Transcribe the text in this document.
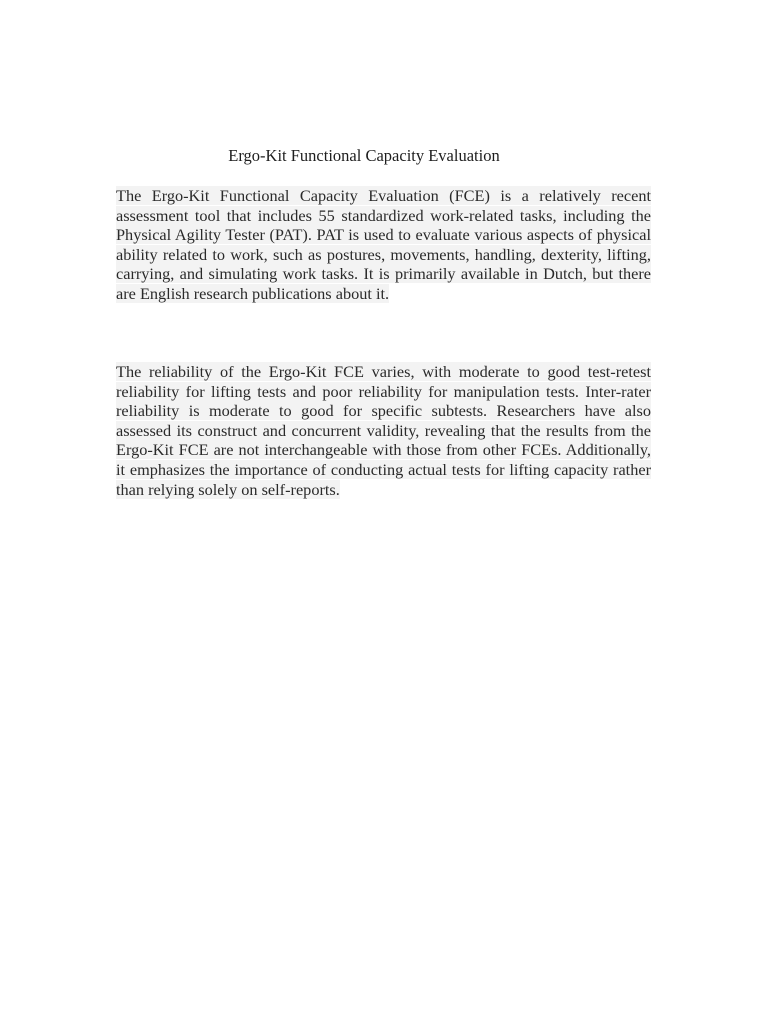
Ergo-Kit Functional Capacity Evaluation

The Ergo-Kit Functional Capacity Evaluation (FCE) is a relatively recent assessment tool that includes 55 standardized work-related tasks, including the Physical Agility Tester (PAT). PAT is used to evaluate various aspects of physical ability related to work, such as postures, movements, handling, dexterity, lifting, carrying, and simulating work tasks. It is primarily available in Dutch, but there are English research publications about it.

The reliability of the Ergo-Kit FCE varies, with moderate to good test-retest reliability for lifting tests and poor reliability for manipulation tests. Inter-rater reliability is moderate to good for specific subtests. Researchers have also assessed its construct and concurrent validity, revealing that the results from the Ergo-Kit FCE are not interchangeable with those from other FCEs. Additionally, it emphasizes the importance of conducting actual tests for lifting capacity rather than relying solely on self-reports.
